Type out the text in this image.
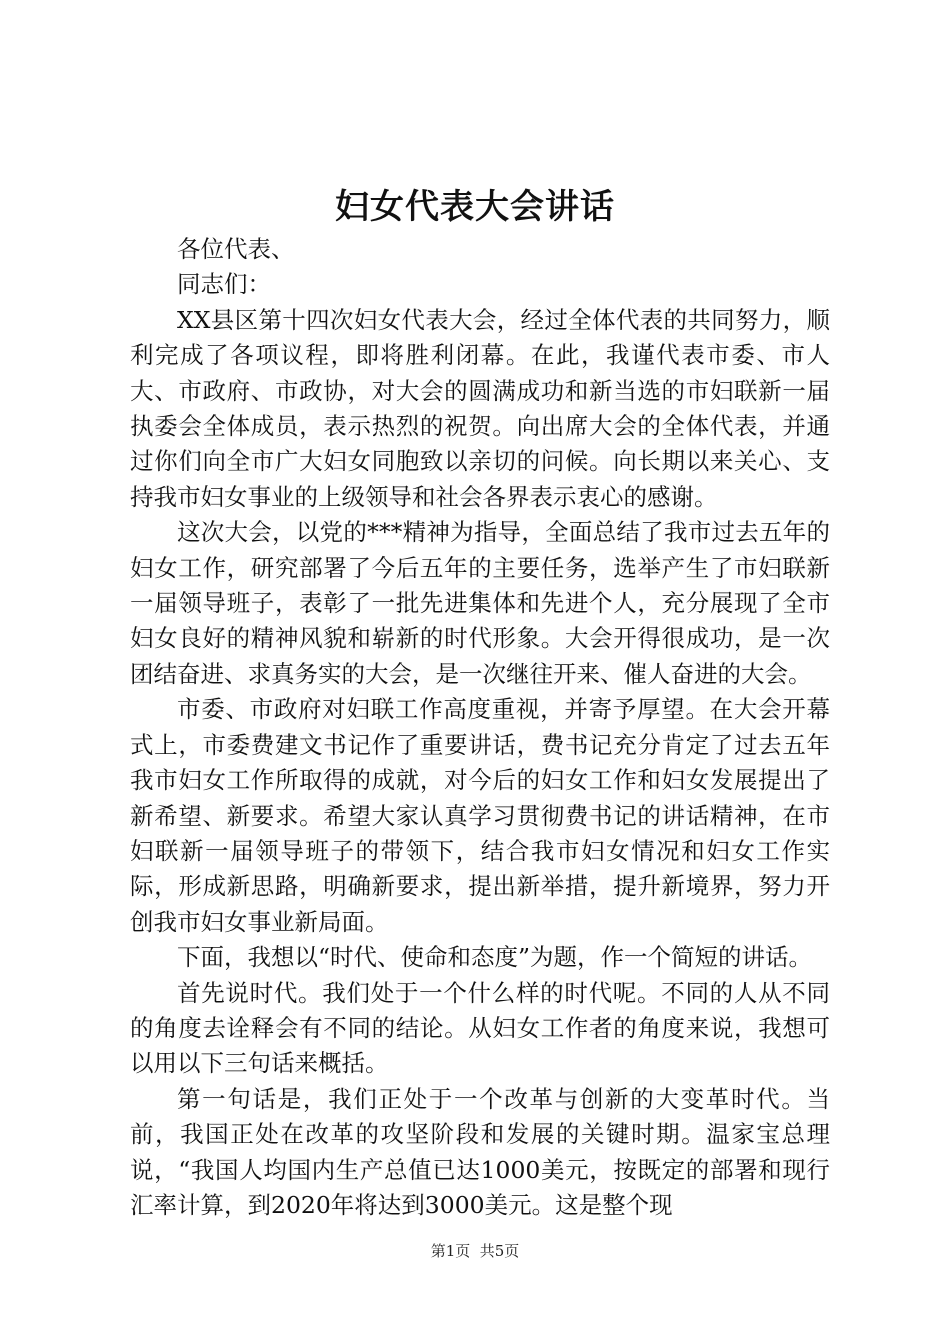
妇女代表大会讲话

各位代表、

同志们：

XX县区第十四次妇女代表大会，经过全体代表的共同努力，顺利完成了各项议程，即将胜利闭幕。在此，我谨代表市委、市人大、市政府、市政协，对大会的圆满成功和新当选的市妇联新一届执委会全体成员，表示热烈的祝贺。向出席大会的全体代表，并通过你们向全市广大妇女同胞致以亲切的问候。向长期以来关心、支持我市妇女事业的上级领导和社会各界表示衷心的感谢。

这次大会，以党的***精神为指导，全面总结了我市过去五年的妇女工作，研究部署了今后五年的主要任务，选举产生了市妇联新一届领导班子，表彰了一批先进集体和先进个人，充分展现了全市妇女良好的精神风貌和崭新的时代形象。大会开得很成功，是一次团结奋进、求真务实的大会，是一次继往开来、催人奋进的大会。

市委、市政府对妇联工作高度重视，并寄予厚望。在大会开幕式上，市委费建文书记作了重要讲话，费书记充分肯定了过去五年我市妇女工作所取得的成就，对今后的妇女工作和妇女发展提出了新希望、新要求。希望大家认真学习贯彻费书记的讲话精神，在市妇联新一届领导班子的带领下，结合我市妇女情况和妇女工作实际，形成新思路，明确新要求，提出新举措，提升新境界，努力开创我市妇女事业新局面。

下面，我想以“时代、使命和态度”为题，作一个简短的讲话。

首先说时代。我们处于一个什么样的时代呢。不同的人从不同的角度去诠释会有不同的结论。从妇女工作者的角度来说，我想可以用以下三句话来概括。

第一句话是，我们正处于一个改革与创新的大变革时代。当前，我国正处在改革的攻坚阶段和发展的关键时期。温家宝总理说，“我国人均国内生产总值已达1000美元，按既定的部署和现行汇率计算，到2020年将达到3000美元。这是整个现

第1页  共5页
